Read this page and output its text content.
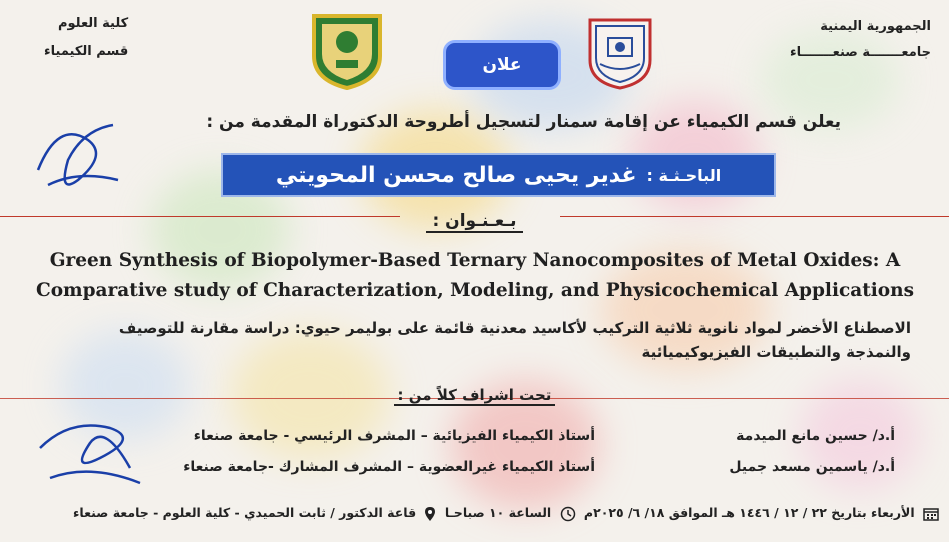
الجمهورية اليمنية
جامعـــــــة صنعـــــــاء
كلية العلوم
قسم الكيمياء
علان
يعلن قسم الكيمياء عن إقامة سمنار لتسجيل أطروحة الدكتوراة المقدمة من :
الباحـثـة :
غدير يحيى صالح محسن المحويتي
بـعـنـوان :
Green Synthesis of Biopolymer-Based Ternary Nanocomposites of Metal Oxides: A
Comparative study of Characterization, Modeling, and Physicochemical Applications
الاصطناع الأخضر لمواد نانوية ثلاثية التركيب لأكاسيد معدنية قائمة على بوليمر حيوي: دراسة مقارنة للتوصيف
والنمذجة والتطبيقات الفيزيوكيميائية
تحت اشراف كلاً من :
أ.د/ حسين مانع الميدمة
أستاذ الكيمياء الفيزيائية – المشرف الرئيسي - جامعة صنعاء
أ.د/ ياسمين مسعد جميل
أستاذ الكيمياء غيرالعضوية – المشرف المشارك -جامعة صنعاء
الأربعاء بتاريخ ٢٢ / ١٢ / ١٤٤٦ هـ الموافق ١٨/ ٦/ ٢٠٢٥م  الساعة ١٠ صباحـا  قاعة الدكتور / ثابت الحميدي - كلية العلوم - جامعة صنعاء
